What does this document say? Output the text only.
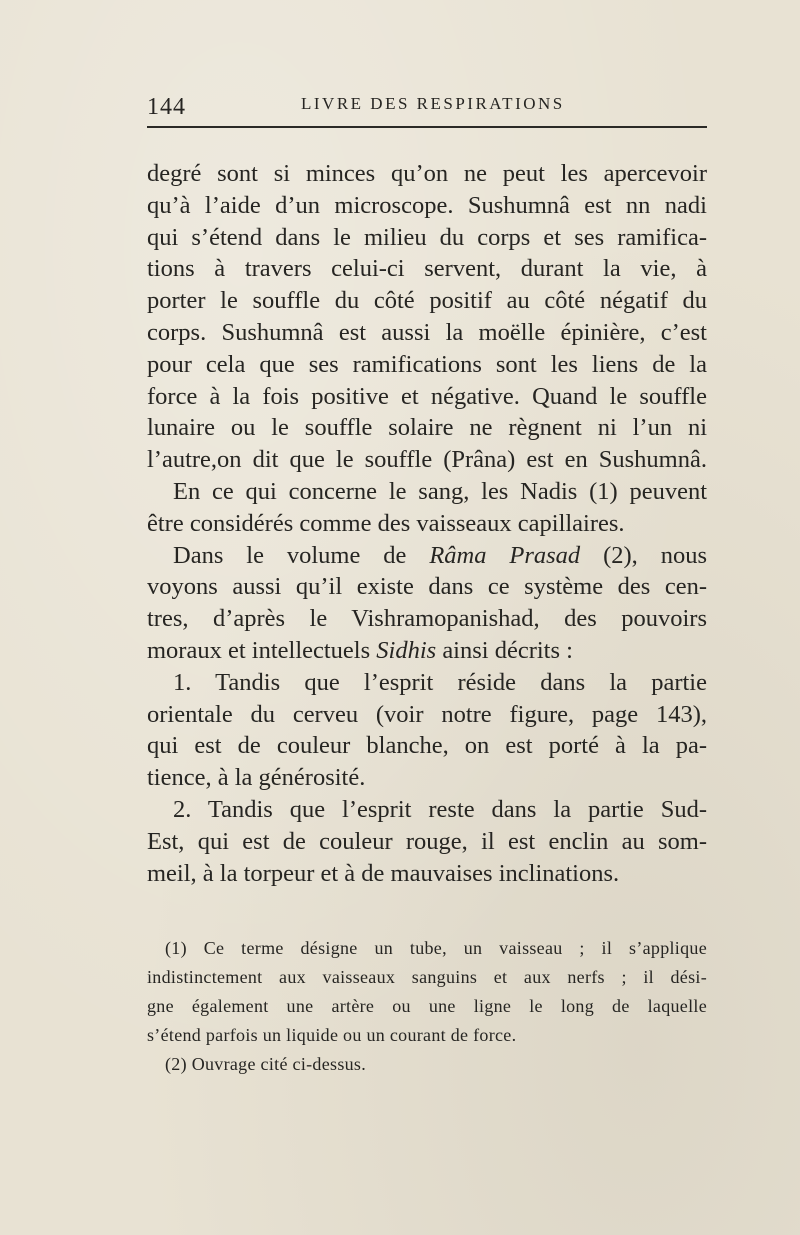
144	LIVRE DES RESPIRATIONS
degré sont si minces qu’on ne peut les apercevoir
qu’à l’aide d’un microscope. Sushumnâ est nn nadi
qui s’étend dans le milieu du corps et ses ramifica-
tions à travers celui-ci servent, durant la vie, à
porter le souffle du côté positif au côté négatif du
corps. Sushumnâ est aussi la moëlle épinière, c’est
pour cela que ses ramifications sont les liens de la
force à la fois positive et négative. Quand le souffle
lunaire ou le souffle solaire ne règnent ni l’un ni
l’autre,on dit que le souffle (Prâna) est en Sushumnâ.
En ce qui concerne le sang, les Nadis (1) peuvent
être considérés comme des vaisseaux capillaires.
Dans le volume de Râma Prasad (2), nous
voyons aussi qu’il existe dans ce système des cen-
tres, d’après le Vishramopanishad, des pouvoirs
moraux et intellectuels Sidhis ainsi décrits :
1. Tandis que l’esprit réside dans la partie
orientale du cerveu (voir notre figure, page 143),
qui est de couleur blanche, on est porté à la pa-
tience, à la générosité.
2. Tandis que l’esprit reste dans la partie Sud-
Est, qui est de couleur rouge, il est enclin au som-
meil, à la torpeur et à de mauvaises inclinations.
(1) Ce terme désigne un tube, un vaisseau ; il s’applique
indistinctement aux vaisseaux sanguins et aux nerfs ; il dési-
gne également une artère ou une ligne le long de laquelle
s’étend parfois un liquide ou un courant de force.
(2) Ouvrage cité ci-dessus.
